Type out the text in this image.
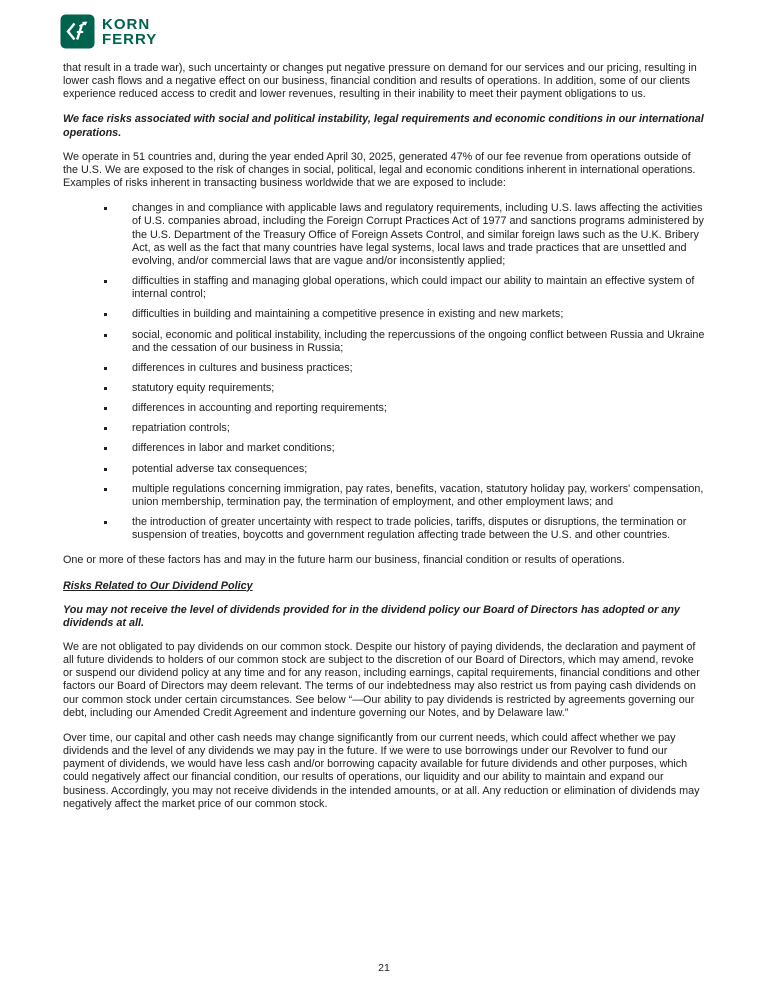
KORN
FERRY

that result in a trade war), such uncertainty or changes put negative pressure on demand for our services and our pricing, resulting in lower cash flows and a negative effect on our business, financial condition and results of operations. In addition, some of our clients experience reduced access to credit and lower revenues, resulting in their inability to meet their payment obligations to us.

We face risks associated with social and political instability, legal requirements and economic conditions in our international operations.

We operate in 51 countries and, during the year ended April 30, 2025, generated 47% of our fee revenue from operations outside of the U.S. We are exposed to the risk of changes in social, political, legal and economic conditions inherent in international operations. Examples of risks inherent in transacting business worldwide that we are exposed to include:

changes in and compliance with applicable laws and regulatory requirements, including U.S. laws affecting the activities of U.S. companies abroad, including the Foreign Corrupt Practices Act of 1977 and sanctions programs administered by the U.S. Department of the Treasury Office of Foreign Assets Control, and similar foreign laws such as the U.K. Bribery Act, as well as the fact that many countries have legal systems, local laws and trade practices that are unsettled and evolving, and/or commercial laws that are vague and/or inconsistently applied;
difficulties in staffing and managing global operations, which could impact our ability to maintain an effective system of internal control;
difficulties in building and maintaining a competitive presence in existing and new markets;
social, economic and political instability, including the repercussions of the ongoing conflict between Russia and Ukraine and the cessation of our business in Russia;
differences in cultures and business practices;
statutory equity requirements;
differences in accounting and reporting requirements;
repatriation controls;
differences in labor and market conditions;
potential adverse tax consequences;
multiple regulations concerning immigration, pay rates, benefits, vacation, statutory holiday pay, workers' compensation, union membership, termination pay, the termination of employment, and other employment laws; and
the introduction of greater uncertainty with respect to trade policies, tariffs, disputes or disruptions, the termination or suspension of treaties, boycotts and government regulation affecting trade between the U.S. and other countries.

One or more of these factors has and may in the future harm our business, financial condition or results of operations.

Risks Related to Our Dividend Policy
You may not receive the level of dividends provided for in the dividend policy our Board of Directors has adopted or any dividends at all.

We are not obligated to pay dividends on our common stock. Despite our history of paying dividends, the declaration and payment of all future dividends to holders of our common stock are subject to the discretion of our Board of Directors, which may amend, revoke or suspend our dividend policy at any time and for any reason, including earnings, capital requirements, financial conditions and other factors our Board of Directors may deem relevant. The terms of our indebtedness may also restrict us from paying cash dividends on our common stock under certain circumstances. See below “—Our ability to pay dividends is restricted by agreements governing our debt, including our Amended Credit Agreement and indenture governing our Notes, and by Delaware law.”

Over time, our capital and other cash needs may change significantly from our current needs, which could affect whether we pay dividends and the level of any dividends we may pay in the future. If we were to use borrowings under our Revolver to fund our payment of dividends, we would have less cash and/or borrowing capacity available for future dividends and other purposes, which could negatively affect our financial condition, our results of operations, our liquidity and our ability to maintain and expand our business. Accordingly, you may not receive dividends in the intended amounts, or at all. Any reduction or elimination of dividends may negatively affect the market price of our common stock.

21
